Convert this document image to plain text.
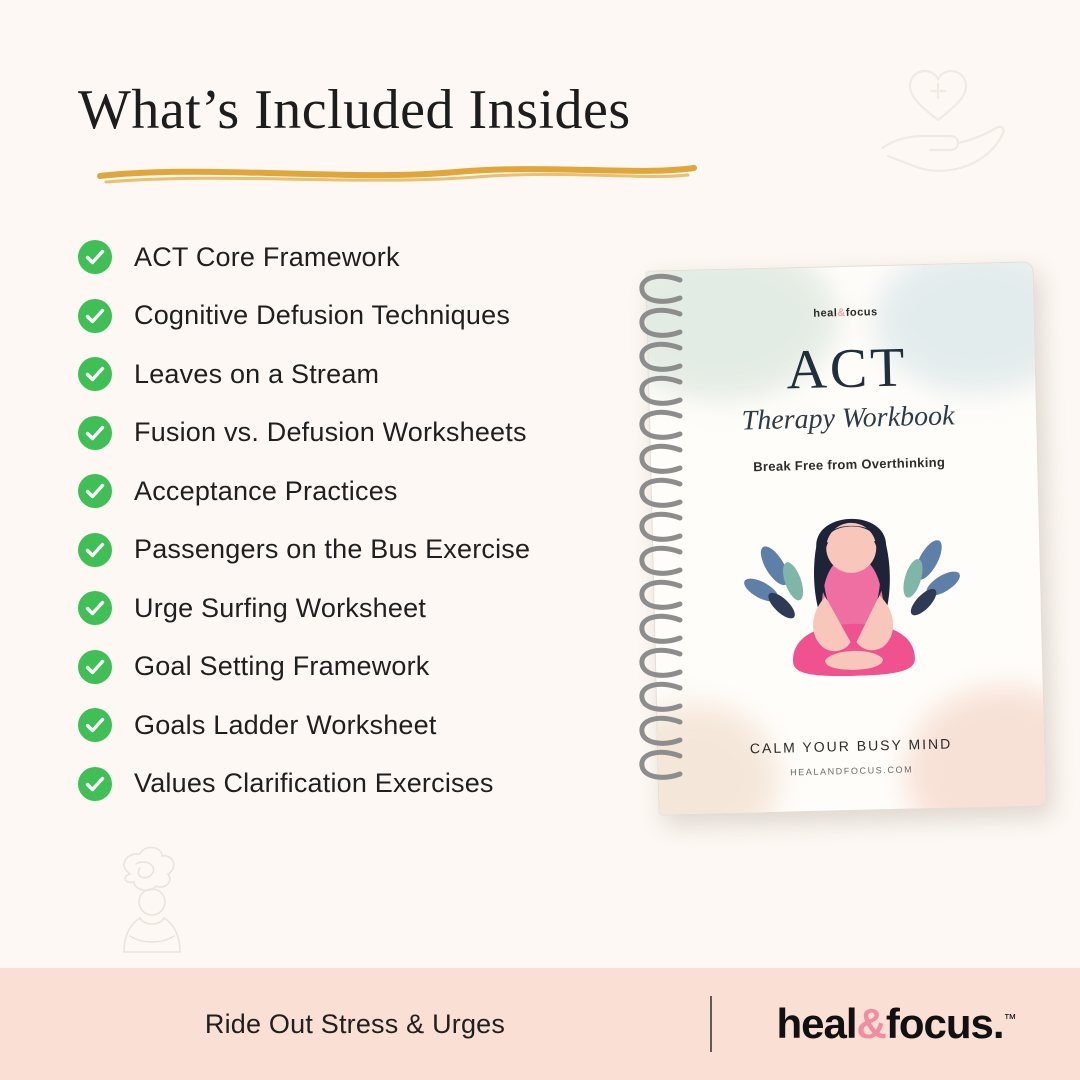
What’s Included Insides
ACT Core Framework
Cognitive Defusion Techniques
Leaves on a Stream
Fusion vs. Defusion Worksheets
Acceptance Practices
Passengers on the Bus Exercise
Urge Surfing Worksheet
Goal Setting Framework
Goals Ladder Worksheet
Values Clarification Exercises
heal&focus
ACT
Therapy Workbook
Break Free from Overthinking
CALM YOUR BUSY MIND
HEALANDFOCUS.COM
Ride Out Stress & Urges	heal&focus.™
